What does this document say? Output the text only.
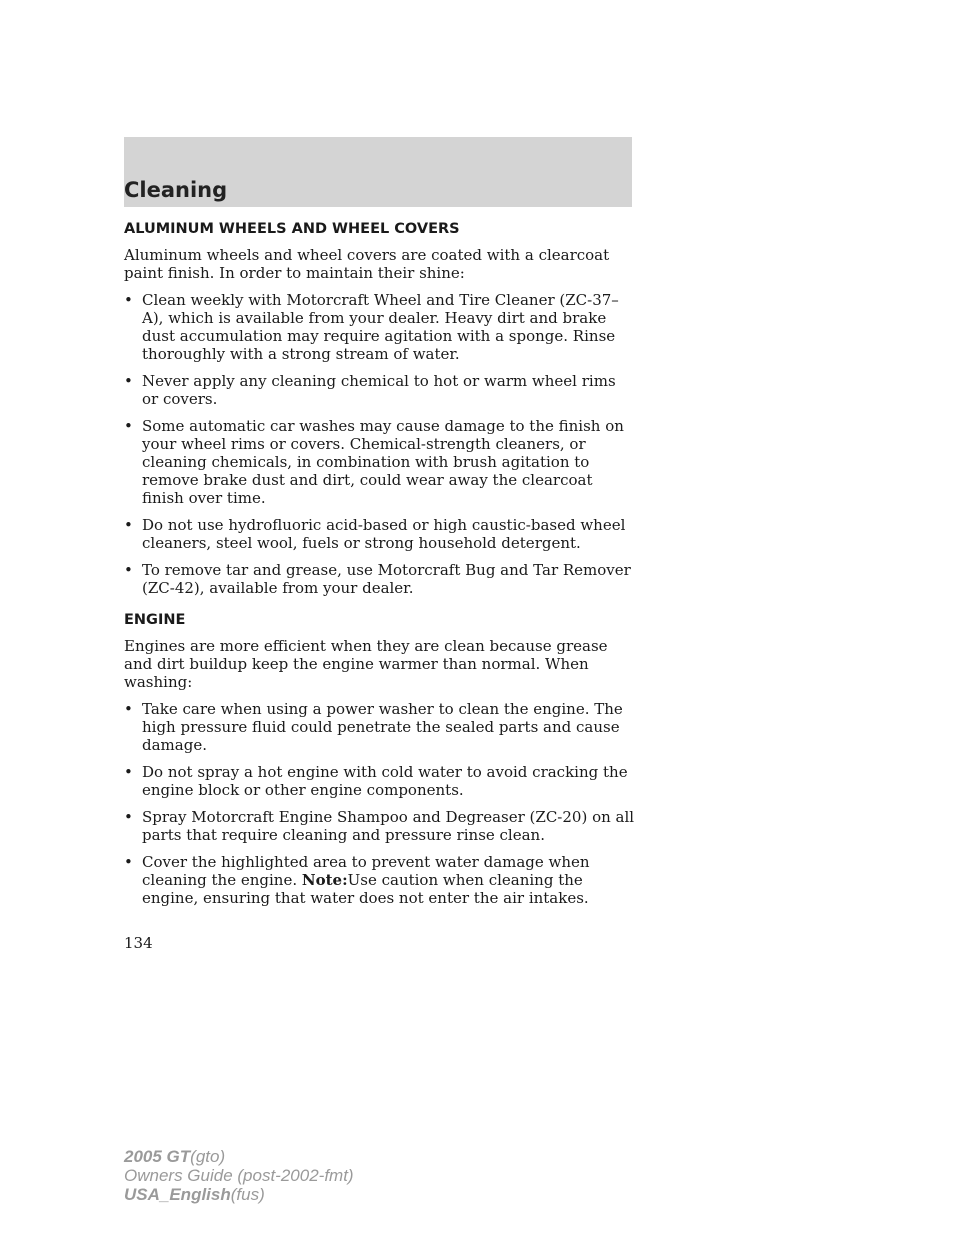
Cleaning
ALUMINUM WHEELS AND WHEEL COVERS

Aluminum wheels and wheel covers are coated with a clearcoat paint finish. In order to maintain their shine:

• Clean weekly with Motorcraft Wheel and Tire Cleaner (ZC-37–A), which is available from your dealer. Heavy dirt and brake dust accumulation may require agitation with a sponge. Rinse thoroughly with a strong stream of water.
• Never apply any cleaning chemical to hot or warm wheel rims or covers.
• Some automatic car washes may cause damage to the finish on your wheel rims or covers. Chemical-strength cleaners, or cleaning chemicals, in combination with brush agitation to remove brake dust and dirt, could wear away the clearcoat finish over time.
• Do not use hydrofluoric acid-based or high caustic-based wheel cleaners, steel wool, fuels or strong household detergent.
• To remove tar and grease, use Motorcraft Bug and Tar Remover (ZC-42), available from your dealer.
ENGINE

Engines are more efficient when they are clean because grease and dirt buildup keep the engine warmer than normal. When washing:

• Take care when using a power washer to clean the engine. The high pressure fluid could penetrate the sealed parts and cause damage.
• Do not spray a hot engine with cold water to avoid cracking the engine block or other engine components.
• Spray Motorcraft Engine Shampoo and Degreaser (ZC-20) on all parts that require cleaning and pressure rinse clean.
• Cover the highlighted area to prevent water damage when cleaning the engine. Note:Use caution when cleaning the engine, ensuring that water does not enter the air intakes.
134
2005 GT(gto)
Owners Guide (post-2002-fmt)
USA_English(fus)
